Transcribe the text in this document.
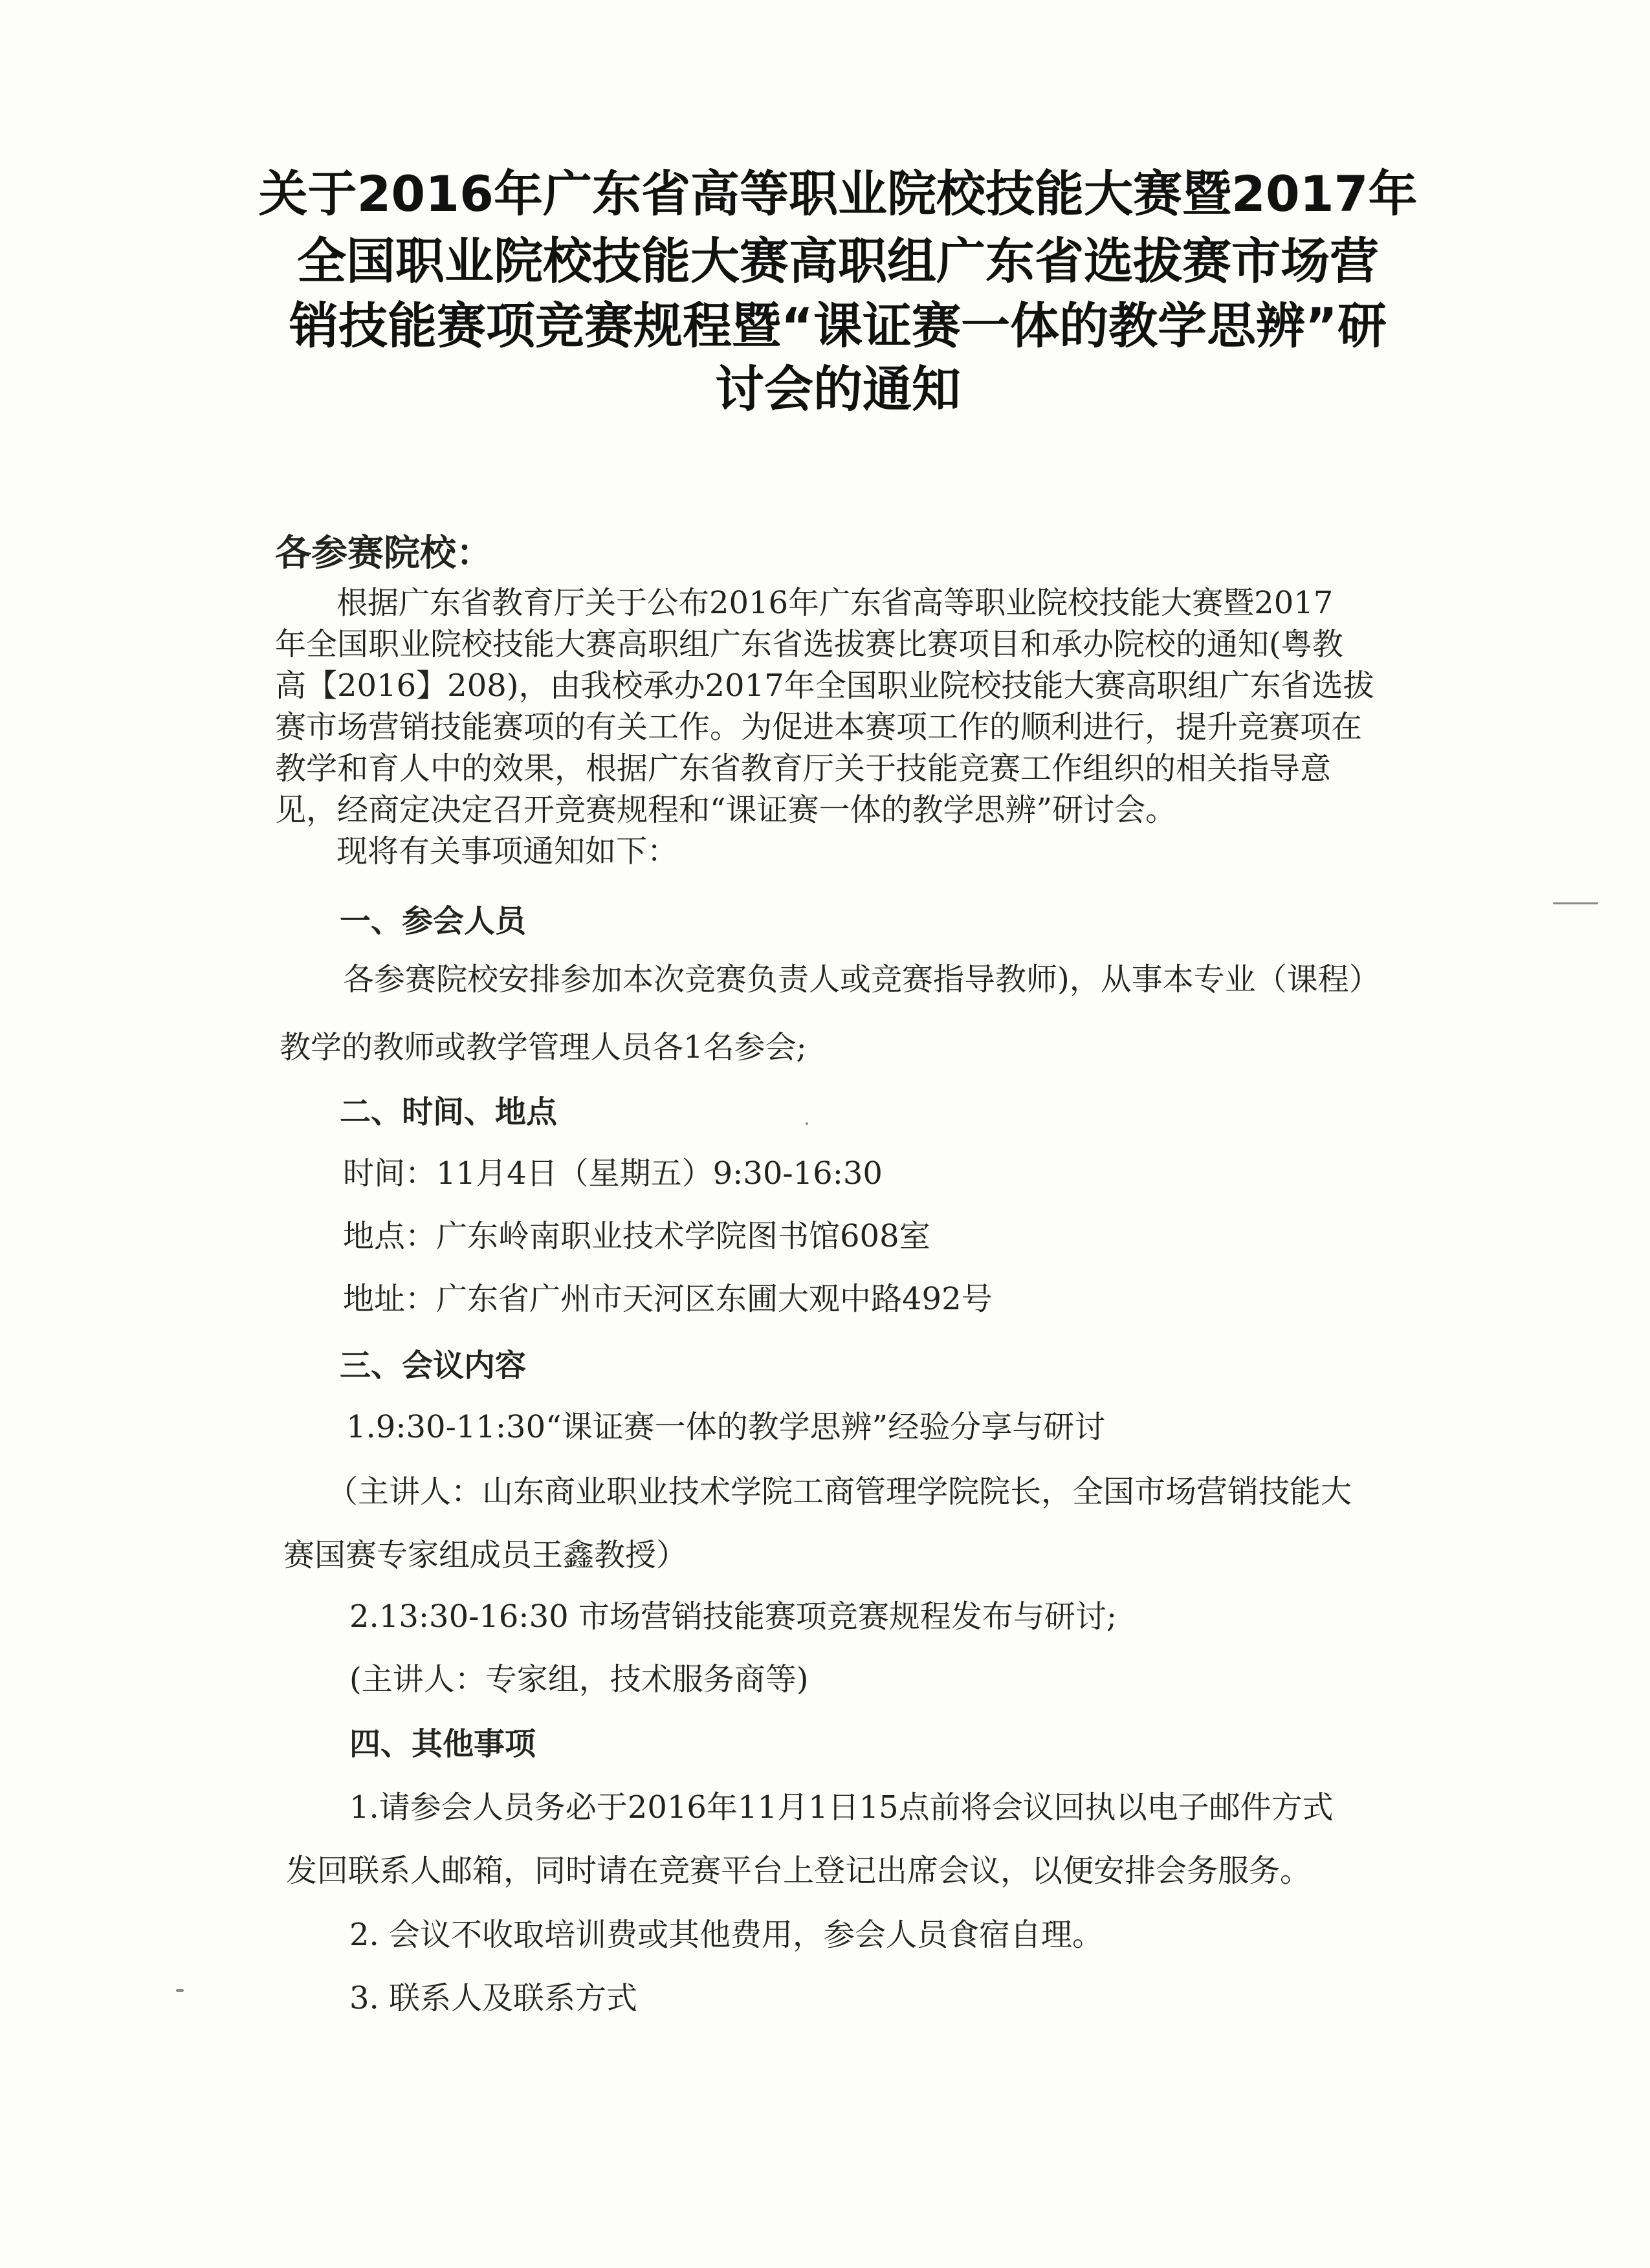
关于2016年广东省高等职业院校技能大赛暨2017年
全国职业院校技能大赛高职组广东省选拔赛市场营
销技能赛项竞赛规程暨“课证赛一体的教学思辨”研
讨会的通知
各参赛院校：
根据广东省教育厅关于公布2016年广东省高等职业院校技能大赛暨2017
年全国职业院校技能大赛高职组广东省选拔赛比赛项目和承办院校的通知(粤教
高【2016】208)，由我校承办2017年全国职业院校技能大赛高职组广东省选拔
赛市场营销技能赛项的有关工作。为促进本赛项工作的顺利进行，提升竞赛项在
教学和育人中的效果，根据广东省教育厅关于技能竞赛工作组织的相关指导意
见，经商定决定召开竞赛规程和“课证赛一体的教学思辨”研讨会。
现将有关事项通知如下：
一、参会人员
各参赛院校安排参加本次竞赛负责人或竞赛指导教师)，从事本专业（课程）
教学的教师或教学管理人员各1名参会;
二、时间、地点
时间：11月4日（星期五）9:30-16:30
地点：广东岭南职业技术学院图书馆608室
地址：广东省广州市天河区东圃大观中路492号
三、会议内容
1.9:30-11:30“课证赛一体的教学思辨”经验分享与研讨
（主讲人：山东商业职业技术学院工商管理学院院长，全国市场营销技能大
赛国赛专家组成员王鑫教授）
2.13:30-16:30 市场营销技能赛项竞赛规程发布与研讨;
(主讲人：专家组，技术服务商等)
四、其他事项
1.请参会人员务必于2016年11月1日15点前将会议回执以电子邮件方式
发回联系人邮箱，同时请在竞赛平台上登记出席会议，以便安排会务服务。
2. 会议不收取培训费或其他费用，参会人员食宿自理。
3. 联系人及联系方式
